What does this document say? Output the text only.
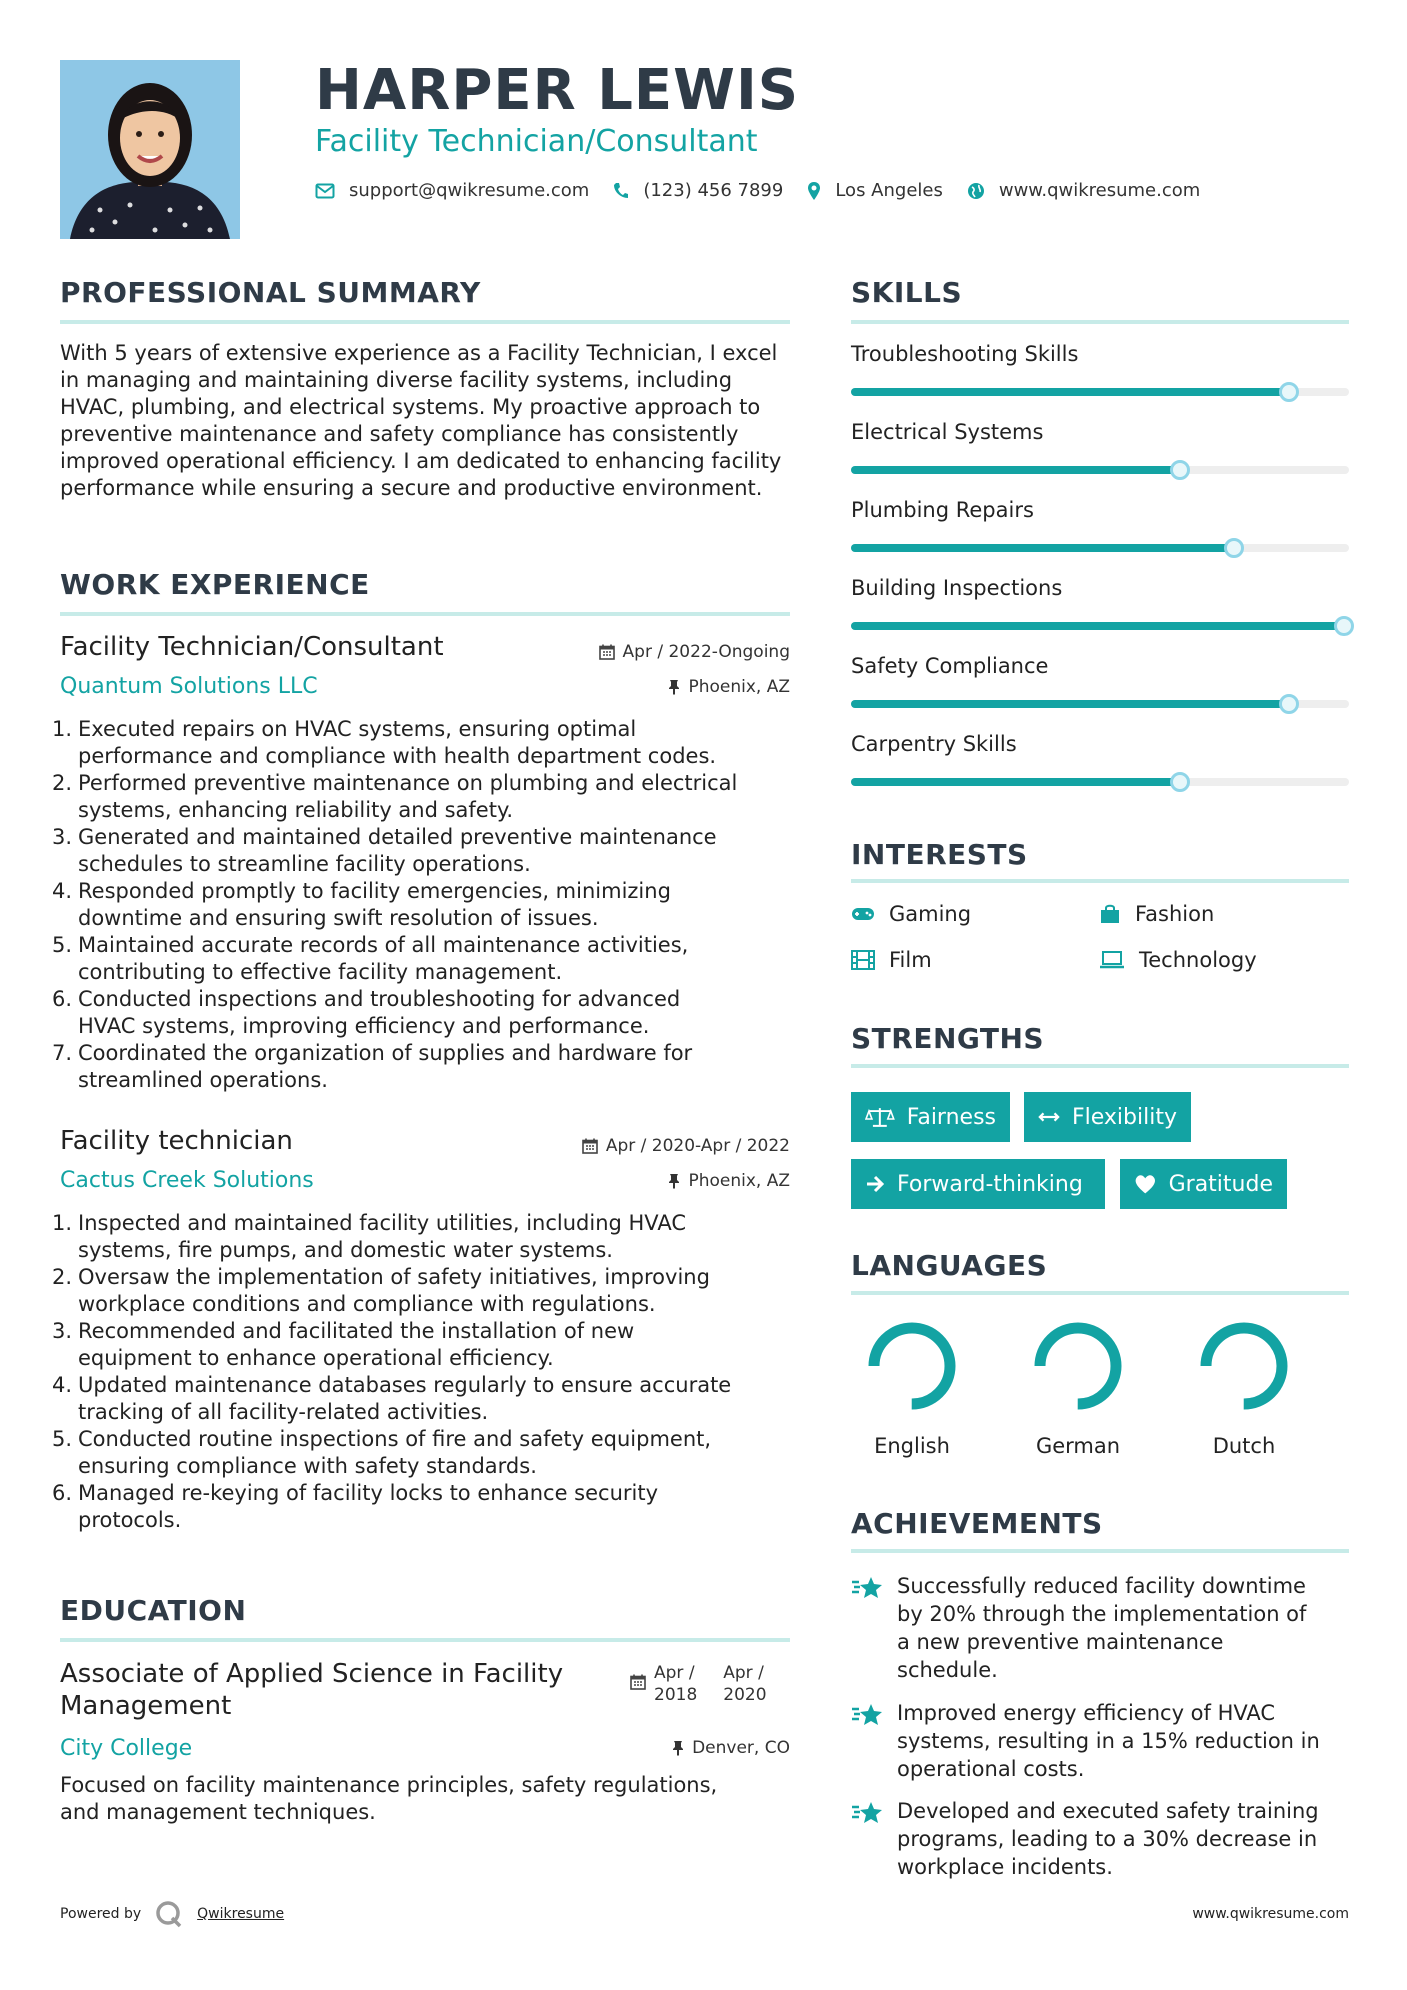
HARPER LEWIS
Facility Technician/Consultant
support@qwikresume.com	(123) 456 7899	Los Angeles	www.qwikresume.com
PROFESSIONAL SUMMARY
With 5 years of extensive experience as a Facility Technician, I excel in managing and maintaining diverse facility systems, including HVAC, plumbing, and electrical systems. My proactive approach to preventive maintenance and safety compliance has consistently improved operational efficiency. I am dedicated to enhancing facility performance while ensuring a secure and productive environment.
WORK EXPERIENCE
Facility Technician/Consultant	Apr / 2022-Ongoing
Quantum Solutions LLC	Phoenix, AZ
1. Executed repairs on HVAC systems, ensuring optimal
performance and compliance with health department codes.
2. Performed preventive maintenance on plumbing and electrical
systems, enhancing reliability and safety.
3. Generated and maintained detailed preventive maintenance
schedules to streamline facility operations.
4. Responded promptly to facility emergencies, minimizing
downtime and ensuring swift resolution of issues.
5. Maintained accurate records of all maintenance activities,
contributing to effective facility management.
6. Conducted inspections and troubleshooting for advanced
HVAC systems, improving efficiency and performance.
7. Coordinated the organization of supplies and hardware for
streamlined operations.
Facility technician	Apr / 2020-Apr / 2022
Cactus Creek Solutions	Phoenix, AZ
1. Inspected and maintained facility utilities, including HVAC
systems, fire pumps, and domestic water systems.
2. Oversaw the implementation of safety initiatives, improving
workplace conditions and compliance with regulations.
3. Recommended and facilitated the installation of new
equipment to enhance operational efficiency.
4. Updated maintenance databases regularly to ensure accurate
tracking of all facility-related activities.
5. Conducted routine inspections of fire and safety equipment,
ensuring compliance with safety standards.
6. Managed re-keying of facility locks to enhance security
protocols.
EDUCATION
Associate of Applied Science in Facility
Management
Apr /
2018
Apr /
2020
City College	Denver, CO
Focused on facility maintenance principles, safety regulations,
and management techniques.
SKILLS
Troubleshooting Skills
Electrical Systems
Plumbing Repairs
Building Inspections
Safety Compliance
Carpentry Skills
INTERESTS
Gaming	Fashion
Film	Technology
STRENGTHS
Fairness	Flexibility
Forward-thinking	Gratitude
LANGUAGES
English	German	Dutch
ACHIEVEMENTS
Successfully reduced facility downtime
by 20% through the implementation of
a new preventive maintenance
schedule.
Improved energy efficiency of HVAC
systems, resulting in a 15% reduction in
operational costs.
Developed and executed safety training
programs, leading to a 30% decrease in
workplace incidents.
Powered by	Qwikresume	www.qwikresume.com
